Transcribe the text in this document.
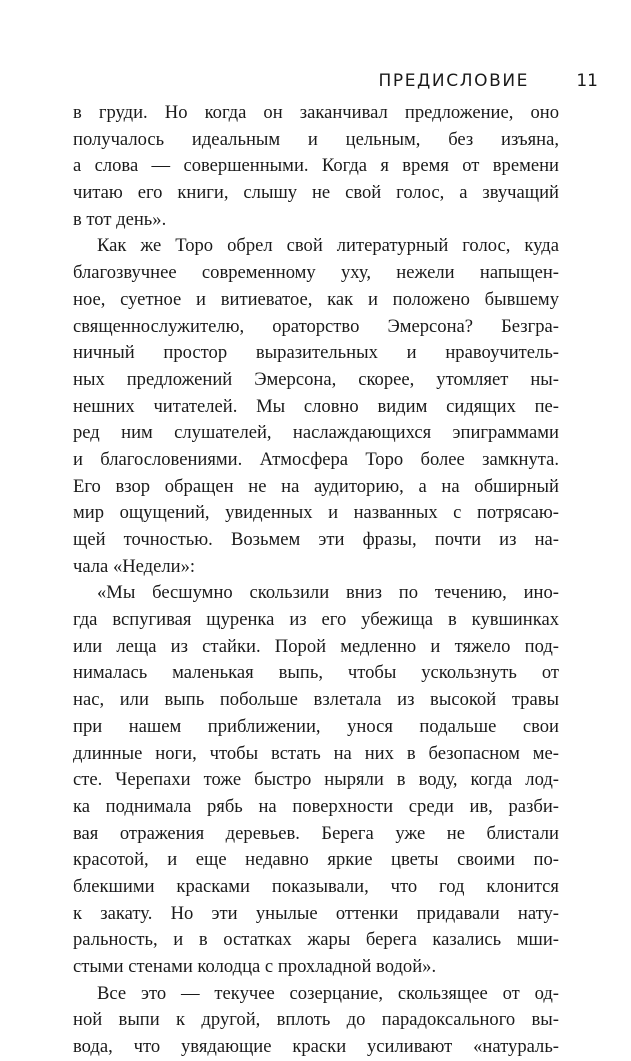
ПРЕДИСЛОВИЕ	11
в груди. Но когда он заканчивал предложение, оно
получалось идеальным и цельным, без изъяна,
а слова — совершенными. Когда я время от времени
читаю его книги, слышу не свой голос, а звучащий
в тот день».
Как же Торо обрел свой литературный голос, куда
благозвучнее современному уху, нежели напыщен-
ное, суетное и витиеватое, как и положено бывшему
священнослужителю, ораторство Эмерсона? Безгра-
ничный простор выразительных и нравоучитель-
ных предложений Эмерсона, скорее, утомляет ны-
нешних читателей. Мы словно видим сидящих пе-
ред ним слушателей, наслаждающихся эпиграммами
и благословениями. Атмосфера Торо более замкнута.
Его взор обращен не на аудиторию, а на обширный
мир ощущений, увиденных и названных с потрясаю-
щей точностью. Возьмем эти фразы, почти из на-
чала «Недели»:
«Мы бесшумно скользили вниз по течению, ино-
гда вспугивая щуренка из его убежища в кувшинках
или леща из стайки. Порой медленно и тяжело под-
нималась маленькая выпь, чтобы ускользнуть от
нас, или выпь побольше взлетала из высокой травы
при нашем приближении, унося подальше свои
длинные ноги, чтобы встать на них в безопасном ме-
сте. Черепахи тоже быстро ныряли в воду, когда лод-
ка поднимала рябь на поверхности среди ив, разби-
вая отражения деревьев. Берега уже не блистали
красотой, и еще недавно яркие цветы своими по-
блекшими красками показывали, что год клонится
к закату. Но эти унылые оттенки придавали нату-
ральность, и в остатках жары берега казались мши-
стыми стенами колодца с прохладной водой».
Все это — текучее созерцание, скользящее от од-
ной выпи к другой, вплоть до парадоксального вы-
вода, что увядающие краски усиливают «натураль-
